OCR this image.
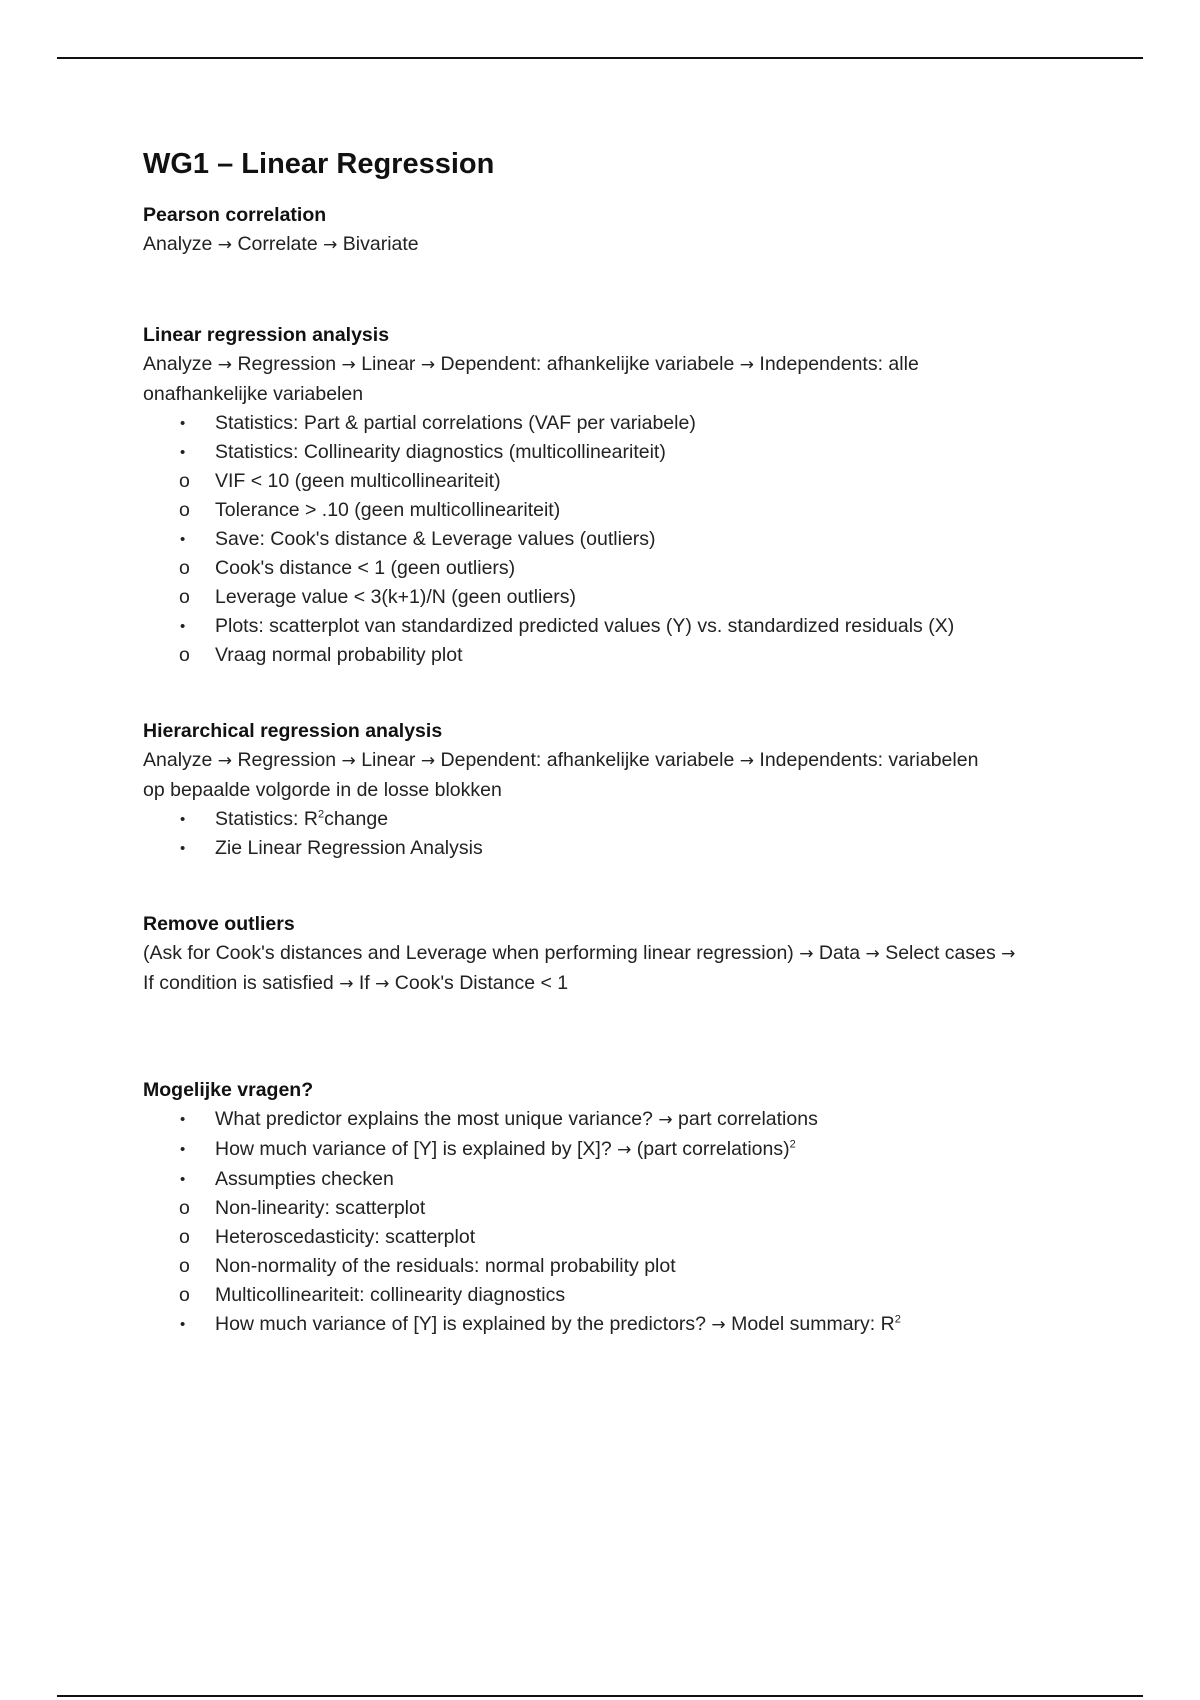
WG1 – Linear Regression
Pearson correlation
Analyze → Correlate → Bivariate
Linear regression analysis
Analyze → Regression → Linear → Dependent: afhankelijke variabele → Independents: alle
onafhankelijke variabelen
• Statistics: Part & partial correlations (VAF per variabele)
• Statistics: Collinearity diagnostics (multicollineariteit)
o VIF < 10 (geen multicollineariteit)
o Tolerance > .10 (geen multicollineariteit)
• Save: Cook's distance & Leverage values (outliers)
o Cook's distance < 1 (geen outliers)
o Leverage value < 3(k+1)/N (geen outliers)
• Plots: scatterplot van standardized predicted values (Y) vs. standardized residuals (X)
o Vraag normal probability plot
Hierarchical regression analysis
Analyze → Regression → Linear → Dependent: afhankelijke variabele → Independents: variabelen
op bepaalde volgorde in de losse blokken
• Statistics: $R^2change$
• Zie Linear Regression Analysis
Remove outliers
(Ask for Cook's distances and Leverage when performing linear regression) → Data → Select cases →
If condition is satisfied → If → Cook's Distance < 1
Mogelijke vragen?
• What predictor explains the most unique variance? → part correlations
• How much variance of [Y] is explained by [X]? → (part correlations)$^2$
• Assumpties checken
o Non-linearity: scatterplot
o Heteroscedasticity: scatterplot
o Non-normality of the residuals: normal probability plot
o Multicollineariteit: collinearity diagnostics
• How much variance of [Y] is explained by the predictors? → Model summary: $R^2$
